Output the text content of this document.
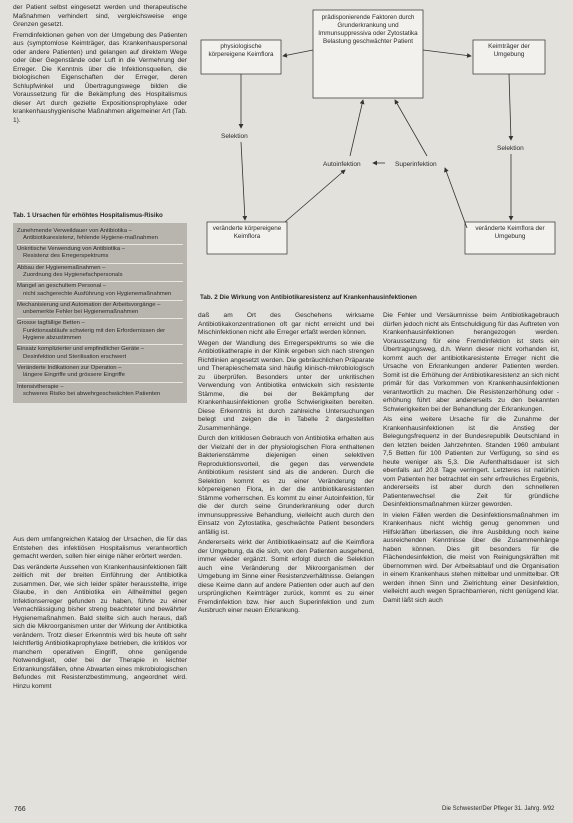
der Patient selbst eingesetzt werden und therapeutische Maßnahmen verhindert sind, vergleichsweise enge Grenzen gesetzt.

Fremdinfektionen gehen von der Umgebung des Patienten aus (symptomlose Keimträger, das Krankenhauspersonal oder andere Patienten) und gelangen auf direktem Wege oder über Gegenstände oder Luft in die Vermehrung der Erreger. Die Kenntnis über die Infektionsquellen, die biologischen Eigenschaften der Erreger, deren Schlupfwinkel und Übertragungswege bilden die Voraussetzung für die Bekämpfung des Hospitalismus dieser Art durch gezielte Expositionsprophylaxe oder krankenhaushygienische Maßnahmen allgemeiner Art (Tab. 1).

Tab. 1 Ursachen für erhöhtes Hospitalismus-Risiko
Zunehmende Verweildauer von Antibiotika –
Antibiotikaresistenz, fehlende Hygiene-maßnahmen
Unkritische Verwendung von Antibiotika –
Resistenz des Erregerspektrums
Abbau der Hygienemaßnahmen –
Zuordnung des Hygienefachpersonals
Mangel an geschultem Personal –
nicht sachgerechte Ausführung von Hygienemaßnahmen
Mechanisierung und Automation der Arbeitsvorgänge –
unbemerkte Fehler bei Hygienemaßnahmen
Grosse tagfällige Betten –
Funktionsabläufe schwierig mit den Erfordernissen der Hygiene abzustimmen
Einsatz komplizierter und empfindlicher Geräte –
Desinfektion und Sterilisation erschwert
Veränderte Indikationen zur Operation –
längere Eingriffe und grössere Eingriffe
Intensivtherapie –
schweres Risiko bei abwehrgeschwächten Patienten

Aus dem umfangreichen Katalog der Ursachen, die für das Entstehen des infektiösen Hospitalismus verantwortlich gemacht werden, sollen hier einige näher erörtert werden.

Das veränderte Aussehen von Krankenhausinfektionen fällt zeitlich mit der breiten Einführung der Antibiotika zusammen. Der, wie sich leider später herausstellte, irrige Glaube, in den Antibiotika ein Allheilmittel gegen Infektionserreger gefunden zu haben, führte zu einer Vernachlässigung bisher streng beachteter und bewährter Hygienemaßnahmen. Bald stellte sich auch heraus, daß sich die Mikroorganismen unter der Wirkung der Antibiotika verändern. Trotz dieser Erkenntnis wird bis heute oft sehr leichtfertig Antibiotikaprophylaxe betrieben, die kritiklos vor manchem operativen Eingriff, ohne genügende Notwendigkeit, oder bei der Therapie in leichter Erkrankungsfällen, ohne Abwarten eines mikrobiologischen Befundes mit Resistenzbestimmung, angeordnet wird. Hinzu kommt

prädisponierende Faktoren durch Grunderkrankung und Immunsuppressiva oder Zytostatika Belastung geschwächter Patient
physiologische körpereigene Keimflora
Keimträger der Umgebung
Selektion
Selektion
Autoinfektion	Superinfektion
veränderte körpereigene Keimflora
veränderte Keimflora der Umgebung
Tab. 2 Die Wirkung von Antibiotikaresistenz auf Krankenhausinfektionen

daß am Ort des Geschehens wirksame Antibiotikakonzentrationen oft gar nicht erreicht und bei Mischinfektionen nicht alle Erreger erfaßt werden können.

Wegen der Wandlung des Erregerspektrums so wie die Antibiotikatherapie in der Klinik ergeben sich nach strengen Richtlinien angesetzt werden. Die gebräuchlichen Präparate und Therapieschemata sind häufig klinisch-mikrobiologisch zu überprüfen. Besonders unter der unkritischen Verwendung von Antibiotika entwickeln sich resistente Stämme, die bei der Bekämpfung der Krankenhausinfektionen große Schwierigkeiten bereiten. Diese Erkenntnis ist durch zahlreiche Untersuchungen belegt und zeigen die in Tabelle 2 dargestellten Zusammenhänge.

Durch den kritiklosen Gebrauch von Antibiotika erhalten aus der Vielzahl der in der physiologischen Flora enthaltenen Bakterienstämme diejenigen einen selektiven Reproduktionsvorteil, die gegen das verwendete Antibiotikum resistent sind als die anderen. Durch die Selektion kommt es zu einer Veränderung der körpereigenen Flora, in der die antibiotikaresistenten Stämme vorherrschen. Es kommt zu einer Autoinfektion, für die der durch seine Grunderkrankung oder durch immunsuppressive Behandlung, vielleicht auch durch den Einsatz von Zytostatika, geschwächte Patient besonders anfällig ist.

Andererseits wirkt der Antibiotikaeinsatz auf die Keimflora der Umgebung, da die sich, von den Patienten ausgehend, immer wieder ergänzt. Somit erfolgt durch die Selektion auch eine Veränderung der Mikroorganismen der Umgebung im Sinne einer Resistenzverhältnisse. Gelangen diese Keime dann auf andere Patienten oder auch auf den ursprünglichen Keimträger zurück, kommt es zu einer Fremdinfektion bzw. hier auch Superinfektion und zum Ausbruch einer neuen Erkrankung.

Die Fehler und Versäumnisse beim Antibiotikagebrauch dürfen jedoch nicht als Entschuldigung für das Auftreten von Krankenhausinfektionen herangezogen werden. Voraussetzung für eine Fremdinfektion ist stets ein Übertragungsweg, d.h. Wenn dieser nicht vorhanden ist, kommt auch der antibiotikaresistente Erreger nicht die Ursache von Erkrankungen anderer Patienten werden. Somit ist die Erhöhung der Antibiotikaresistenz an sich nicht primär für das Vorkommen von Krankenhausinfektionen verantwortlich zu machen. Die Resistenzerhöhung oder -erhöhung führt aber andererseits zu den bekannten Schwierigkeiten bei der Behandlung der Erkrankungen.

Als eine weitere Ursache für die Zunahme der Krankenhausinfektionen ist die Anstieg der Belegungsfrequenz in der Bundesrepublik Deutschland in den letzten beiden Jahrzehnten. Standen 1960 ambulant 7,5 Betten für 100 Patienten zur Verfügung, so sind es heute weniger als 5,3. Die Aufenthaltsdauer ist sich ebenfalls auf 20,8 Tage verringert. Letzteres ist natürlich vom Patienten her betrachtet ein sehr erfreuliches Ergebnis, andererseits ist aber durch den schnelleren Patientenwechsel die Zeit für gründliche Desinfektionsmaßnahmen kürzer geworden.

In vielen Fällen werden die Desinfektionsmaßnahmen im Krankenhaus nicht wichtig genug genommen und Hilfskräften überlassen, die ihre Ausbildung noch keine ausreichenden Kenntnisse über die Zusammenhänge haben können. Dies gilt besonders für die Flächendesinfektion, die meist von Reinigungskräften mit übernommen wird. Der Arbeitsablauf und die Organisation in einem Krankenhaus stehen mittelbar und unmittelbar. Oft werden ihnen Sinn und Zielrichtung einer Desinfektion, vielleicht auch wegen Sprachbarrieren, nicht genügend klar. Damit läßt sich auch

766	Die Schwester/Der Pfleger 31. Jahrg. 9/92
